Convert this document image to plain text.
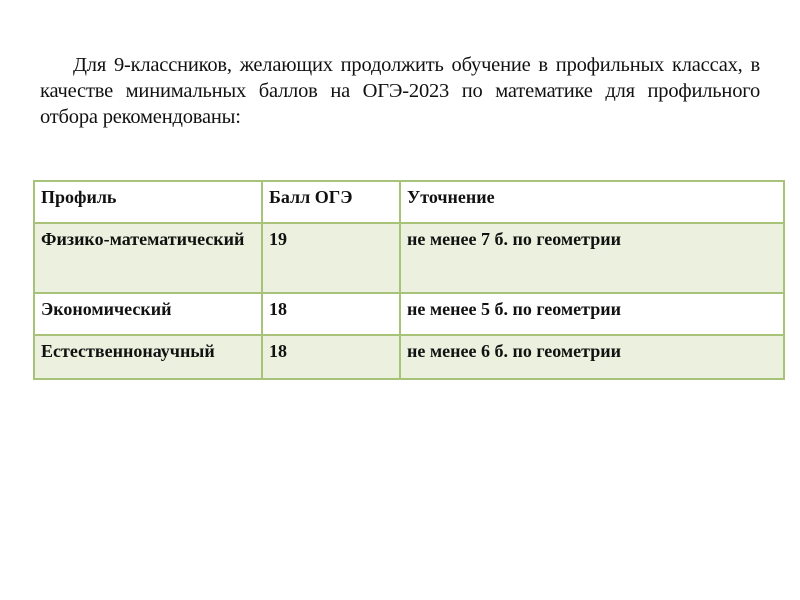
Для 9-классников, желающих продолжить обучение в профильных классах, в качестве минимальных баллов на ОГЭ-2023 по математике для профильного отбора рекомендованы:

Профиль	Балл ОГЭ	Уточнение
Физико-математический	19	не менее 7 б. по геометрии
Экономический	18	не менее 5 б. по геометрии
Естественнонаучный	18	не менее 6 б. по геометрии
